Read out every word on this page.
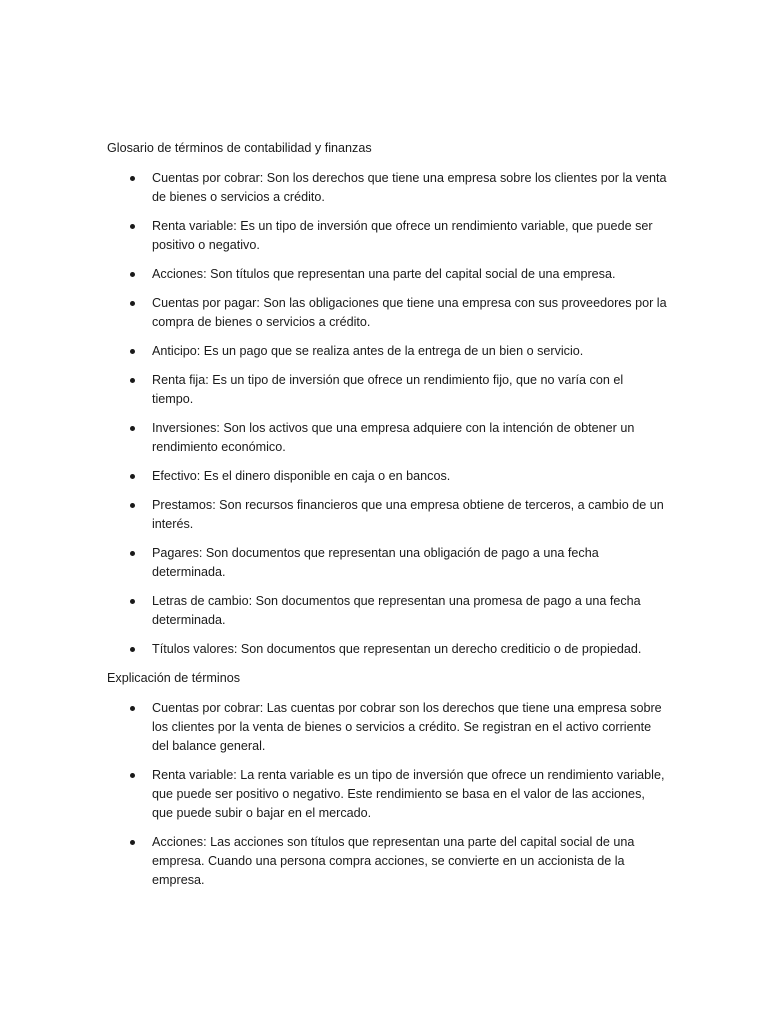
Glosario de términos de contabilidad y finanzas
Cuentas por cobrar: Son los derechos que tiene una empresa sobre los clientes por la venta de bienes o servicios a crédito.
Renta variable: Es un tipo de inversión que ofrece un rendimiento variable, que puede ser positivo o negativo.
Acciones: Son títulos que representan una parte del capital social de una empresa.
Cuentas por pagar: Son las obligaciones que tiene una empresa con sus proveedores por la compra de bienes o servicios a crédito.
Anticipo: Es un pago que se realiza antes de la entrega de un bien o servicio.
Renta fija: Es un tipo de inversión que ofrece un rendimiento fijo, que no varía con el tiempo.
Inversiones: Son los activos que una empresa adquiere con la intención de obtener un rendimiento económico.
Efectivo: Es el dinero disponible en caja o en bancos.
Prestamos: Son recursos financieros que una empresa obtiene de terceros, a cambio de un interés.
Pagares: Son documentos que representan una obligación de pago a una fecha determinada.
Letras de cambio: Son documentos que representan una promesa de pago a una fecha determinada.
Títulos valores: Son documentos que representan un derecho crediticio o de propiedad.
Explicación de términos
Cuentas por cobrar: Las cuentas por cobrar son los derechos que tiene una empresa sobre los clientes por la venta de bienes o servicios a crédito. Se registran en el activo corriente del balance general.
Renta variable: La renta variable es un tipo de inversión que ofrece un rendimiento variable, que puede ser positivo o negativo. Este rendimiento se basa en el valor de las acciones, que puede subir o bajar en el mercado.
Acciones: Las acciones son títulos que representan una parte del capital social de una empresa. Cuando una persona compra acciones, se convierte en un accionista de la empresa.
